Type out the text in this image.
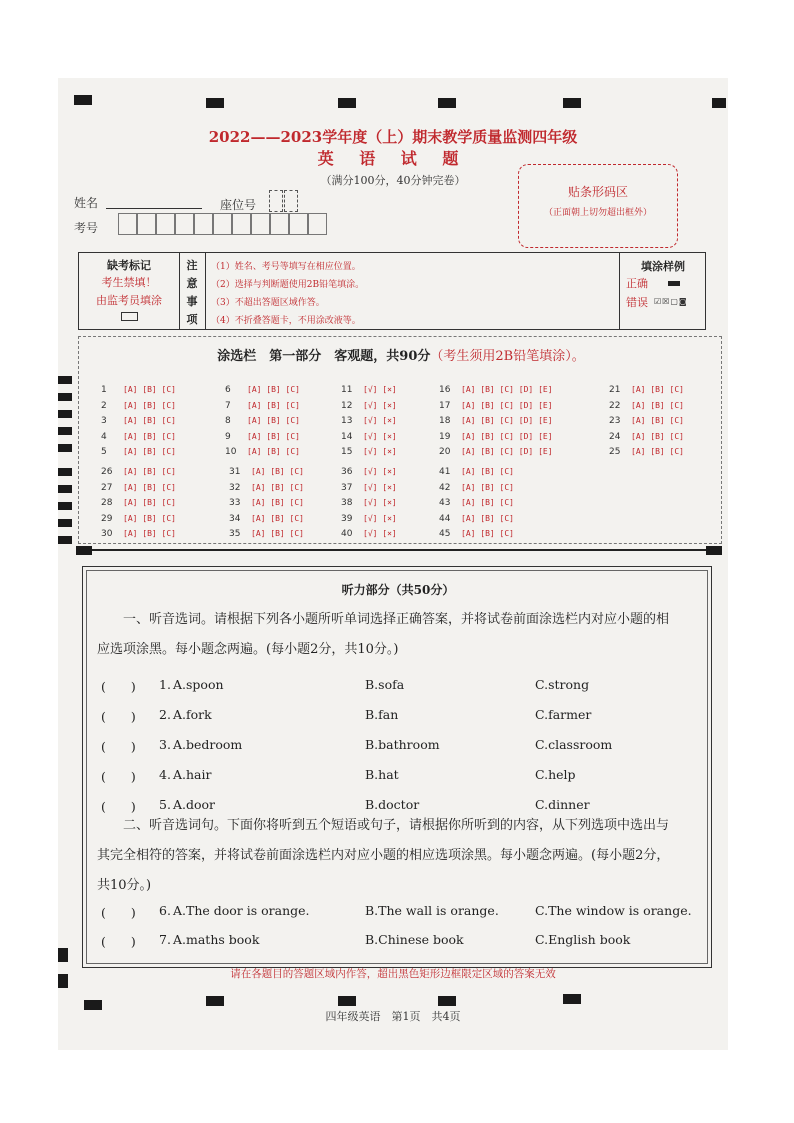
2022——2023学年度（上）期末教学质量监测四年级
英 语 试 题
（满分100分，40分钟完卷）
姓名	座位号
考号
贴条形码区
（正面朝上切勿超出框外）
缺考标记
考生禁填！
由监考员填涂
注
意
事
项
（1）姓名、考号等填写在相应位置。
（2）选择与判断题使用2B铅笔填涂。
（3）不超出答题区域作答。
（4）不折叠答题卡，不用涂改液等。
填涂样例
正确
错误 ☑☒▢◙
涂选栏　第一部分　客观题，共90分（考生须用2B铅笔填涂）。
1 [A] [B] [C]
2 [A] [B] [C]
3 [A] [B] [C]
4 [A] [B] [C]
5 [A] [B] [C]
6 [A] [B] [C]
7 [A] [B] [C]
8 [A] [B] [C]
9 [A] [B] [C]
10 [A] [B] [C]
11 [√] [×]
12 [√] [×]
13 [√] [×]
14 [√] [×]
15 [√] [×]
16 [A] [B] [C] [D] [E]
17 [A] [B] [C] [D] [E]
18 [A] [B] [C] [D] [E]
19 [A] [B] [C] [D] [E]
20 [A] [B] [C] [D] [E]
21 [A] [B] [C]
22 [A] [B] [C]
23 [A] [B] [C]
24 [A] [B] [C]
25 [A] [B] [C]
26 [A] [B] [C]
27 [A] [B] [C]
28 [A] [B] [C]
29 [A] [B] [C]
30 [A] [B] [C]
31 [A] [B] [C]
32 [A] [B] [C]
33 [A] [B] [C]
34 [A] [B] [C]
35 [A] [B] [C]
36 [√] [×]
37 [√] [×]
38 [√] [×]
39 [√] [×]
40 [√] [×]
41 [A] [B] [C]
42 [A] [B] [C]
43 [A] [B] [C]
44 [A] [B] [C]
45 [A] [B] [C]
听力部分（共50分）
一、听音选词。请根据下列各小题所听单词选择正确答案，并将试卷前面涂选栏内对应小题的相
应选项涂黑。每小题念两遍。(每小题2分，共10分。)
(　　) 1. A.spoon	B.sofa	C.strong
(　　) 2. A.fork	B.fan	C.farmer
(　　) 3. A.bedroom	B.bathroom	C.classroom
(　　) 4. A.hair	B.hat	C.help
(　　) 5. A.door	B.doctor	C.dinner
二、听音选词句。下面你将听到五个短语或句子，请根据你所听到的内容，从下列选项中选出与
其完全相符的答案，并将试卷前面涂选栏内对应小题的相应选项涂黑。每小题念两遍。(每小题2分，
共10分。)
(　　) 6. A.The door is orange.	B.The wall is orange.	C.The window is orange.
(　　) 7. A.maths book	B.Chinese book	C.English book
请在各题目的答题区域内作答，超出黑色矩形边框限定区域的答案无效
四年级英语　第1页　共4页
